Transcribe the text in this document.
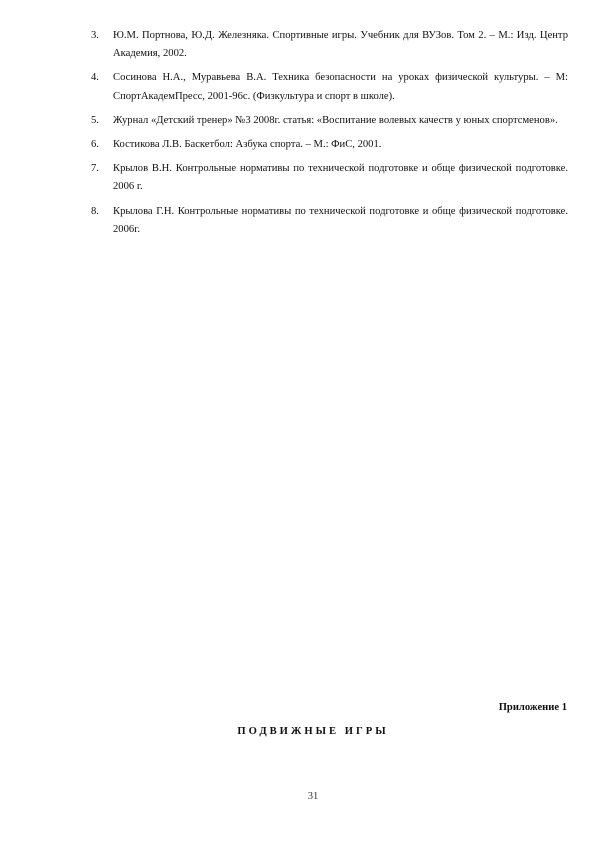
3.	Ю.М. Портнова, Ю.Д. Железняка. Спортивные игры. Учебник для ВУЗов. Том 2. – М.: Изд. Центр Академия, 2002.
4.	Сосинова Н.А., Муравьева В.А. Техника безопасности на уроках физической культуры. – М: СпортАкадемПресс, 2001-96с. (Физкультура и спорт в школе).
5.	Журнал «Детский тренер» №3 2008г. статья: «Воспитание волевых качеств у юных спортсменов».
6.	Костикова Л.В. Баскетбол: Азбука спорта. – М.: ФиС, 2001.
7.	Крылов В.Н. Контрольные нормативы по технической подготовке и обще физической подготовке. 2006 г.
8.	Крылова Г.Н. Контрольные нормативы по технической подготовке и обще физической подготовке. 2006г.
Приложение 1
ПОДВИЖНЫЕ ИГРЫ
31
